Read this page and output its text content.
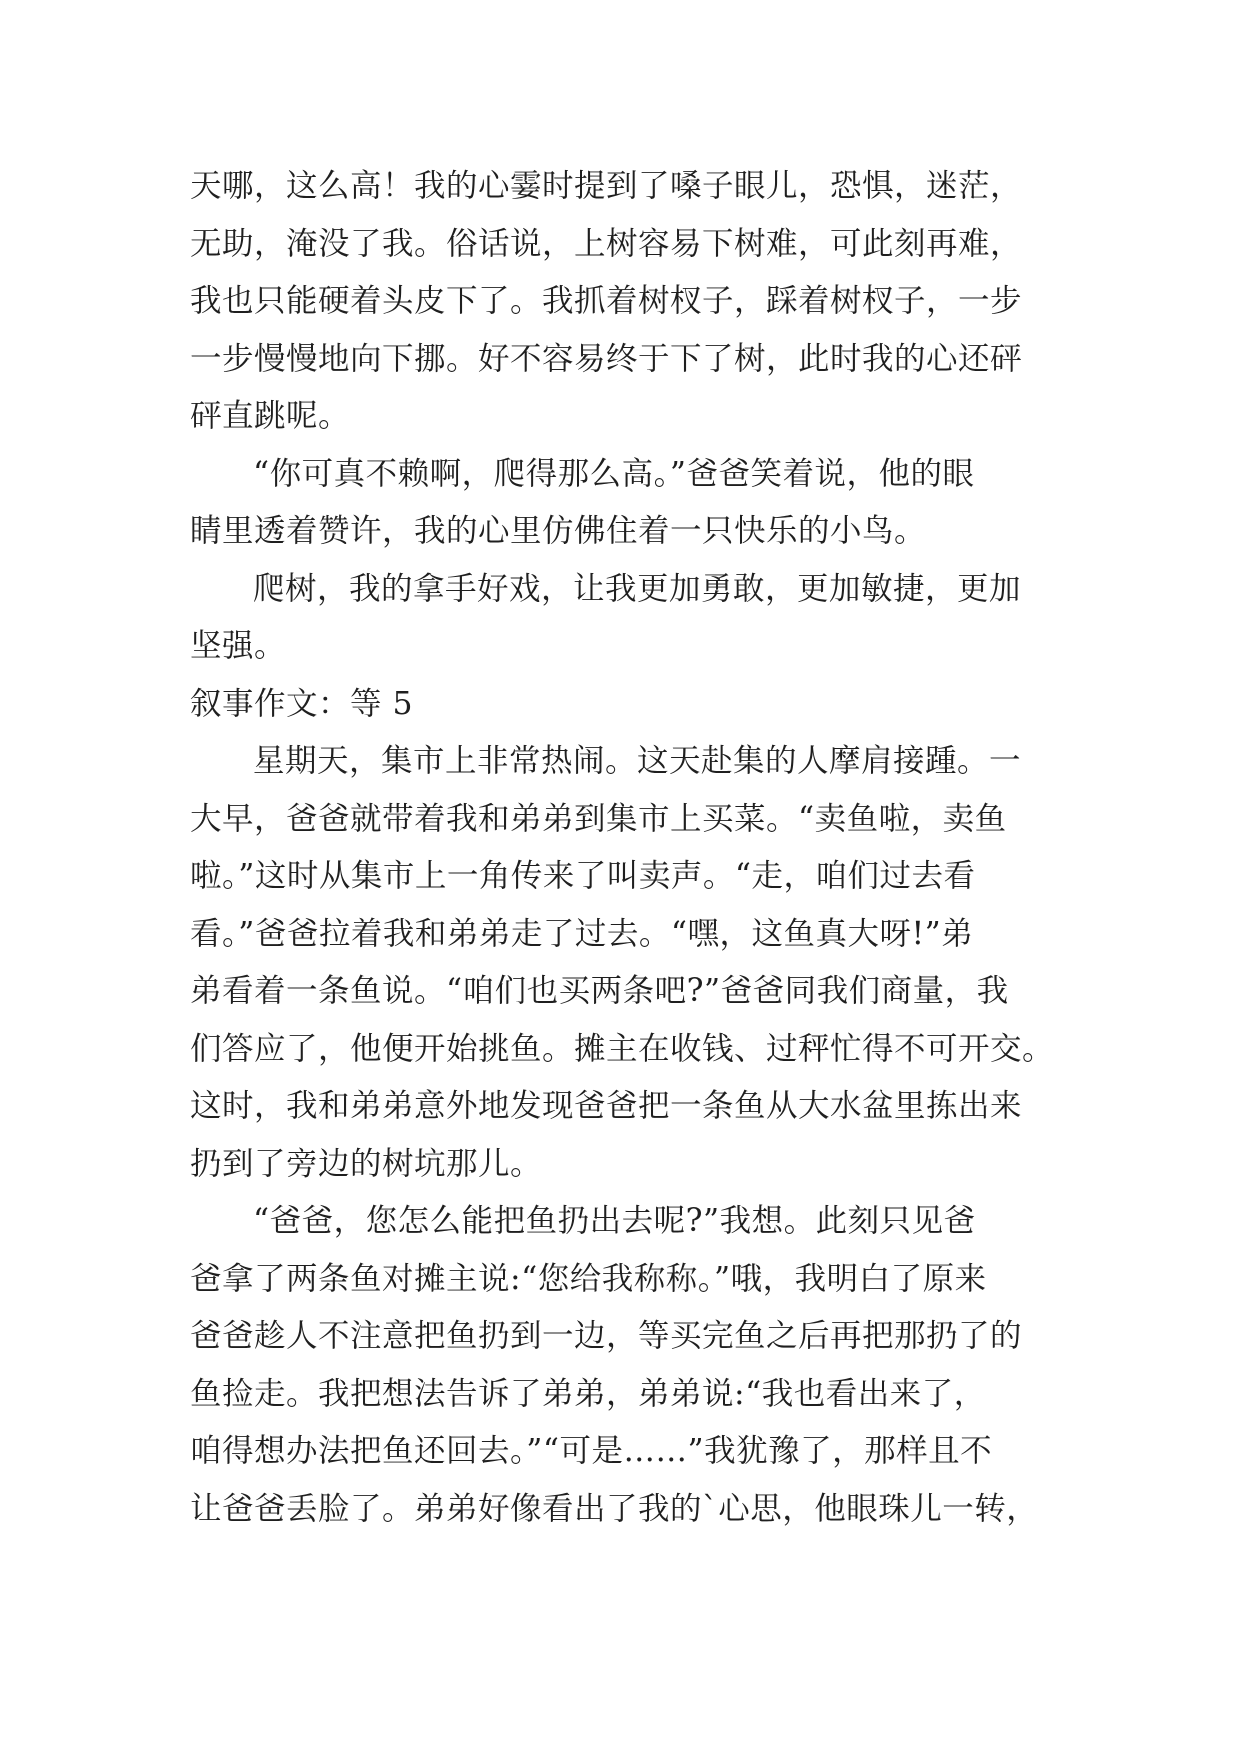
天哪，这么高！我的心霎时提到了嗓子眼儿，恐惧，迷茫，
无助，淹没了我。俗话说，上树容易下树难，可此刻再难，
我也只能硬着头皮下了。我抓着树杈子，踩着树杈子，一步
一步慢慢地向下挪。好不容易终于下了树，此时我的心还砰
砰直跳呢。
“你可真不赖啊，爬得那么高。”爸爸笑着说，他的眼
睛里透着赞许，我的心里仿佛住着一只快乐的小鸟。
爬树，我的拿手好戏，让我更加勇敢，更加敏捷，更加
坚强。
叙事作文：等 5
星期天，集市上非常热闹。这天赴集的人摩肩接踵。一
大早，爸爸就带着我和弟弟到集市上买菜。“卖鱼啦，卖鱼
啦。”这时从集市上一角传来了叫卖声。“走，咱们过去看
看。”爸爸拉着我和弟弟走了过去。“嘿，这鱼真大呀!”弟
弟看着一条鱼说。“咱们也买两条吧?”爸爸同我们商量，我
们答应了，他便开始挑鱼。摊主在收钱、过秤忙得不可开交。
这时，我和弟弟意外地发现爸爸把一条鱼从大水盆里拣出来
扔到了旁边的树坑那儿。
“爸爸，您怎么能把鱼扔出去呢?”我想。此刻只见爸
爸拿了两条鱼对摊主说:“您给我称称。”哦，我明白了原来
爸爸趁人不注意把鱼扔到一边，等买完鱼之后再把那扔了的
鱼捡走。我把想法告诉了弟弟，弟弟说:“我也看出来了，
咱得想办法把鱼还回去。”“可是……”我犹豫了，那样且不
让爸爸丢脸了。弟弟好像看出了我的`心思，他眼珠儿一转，
